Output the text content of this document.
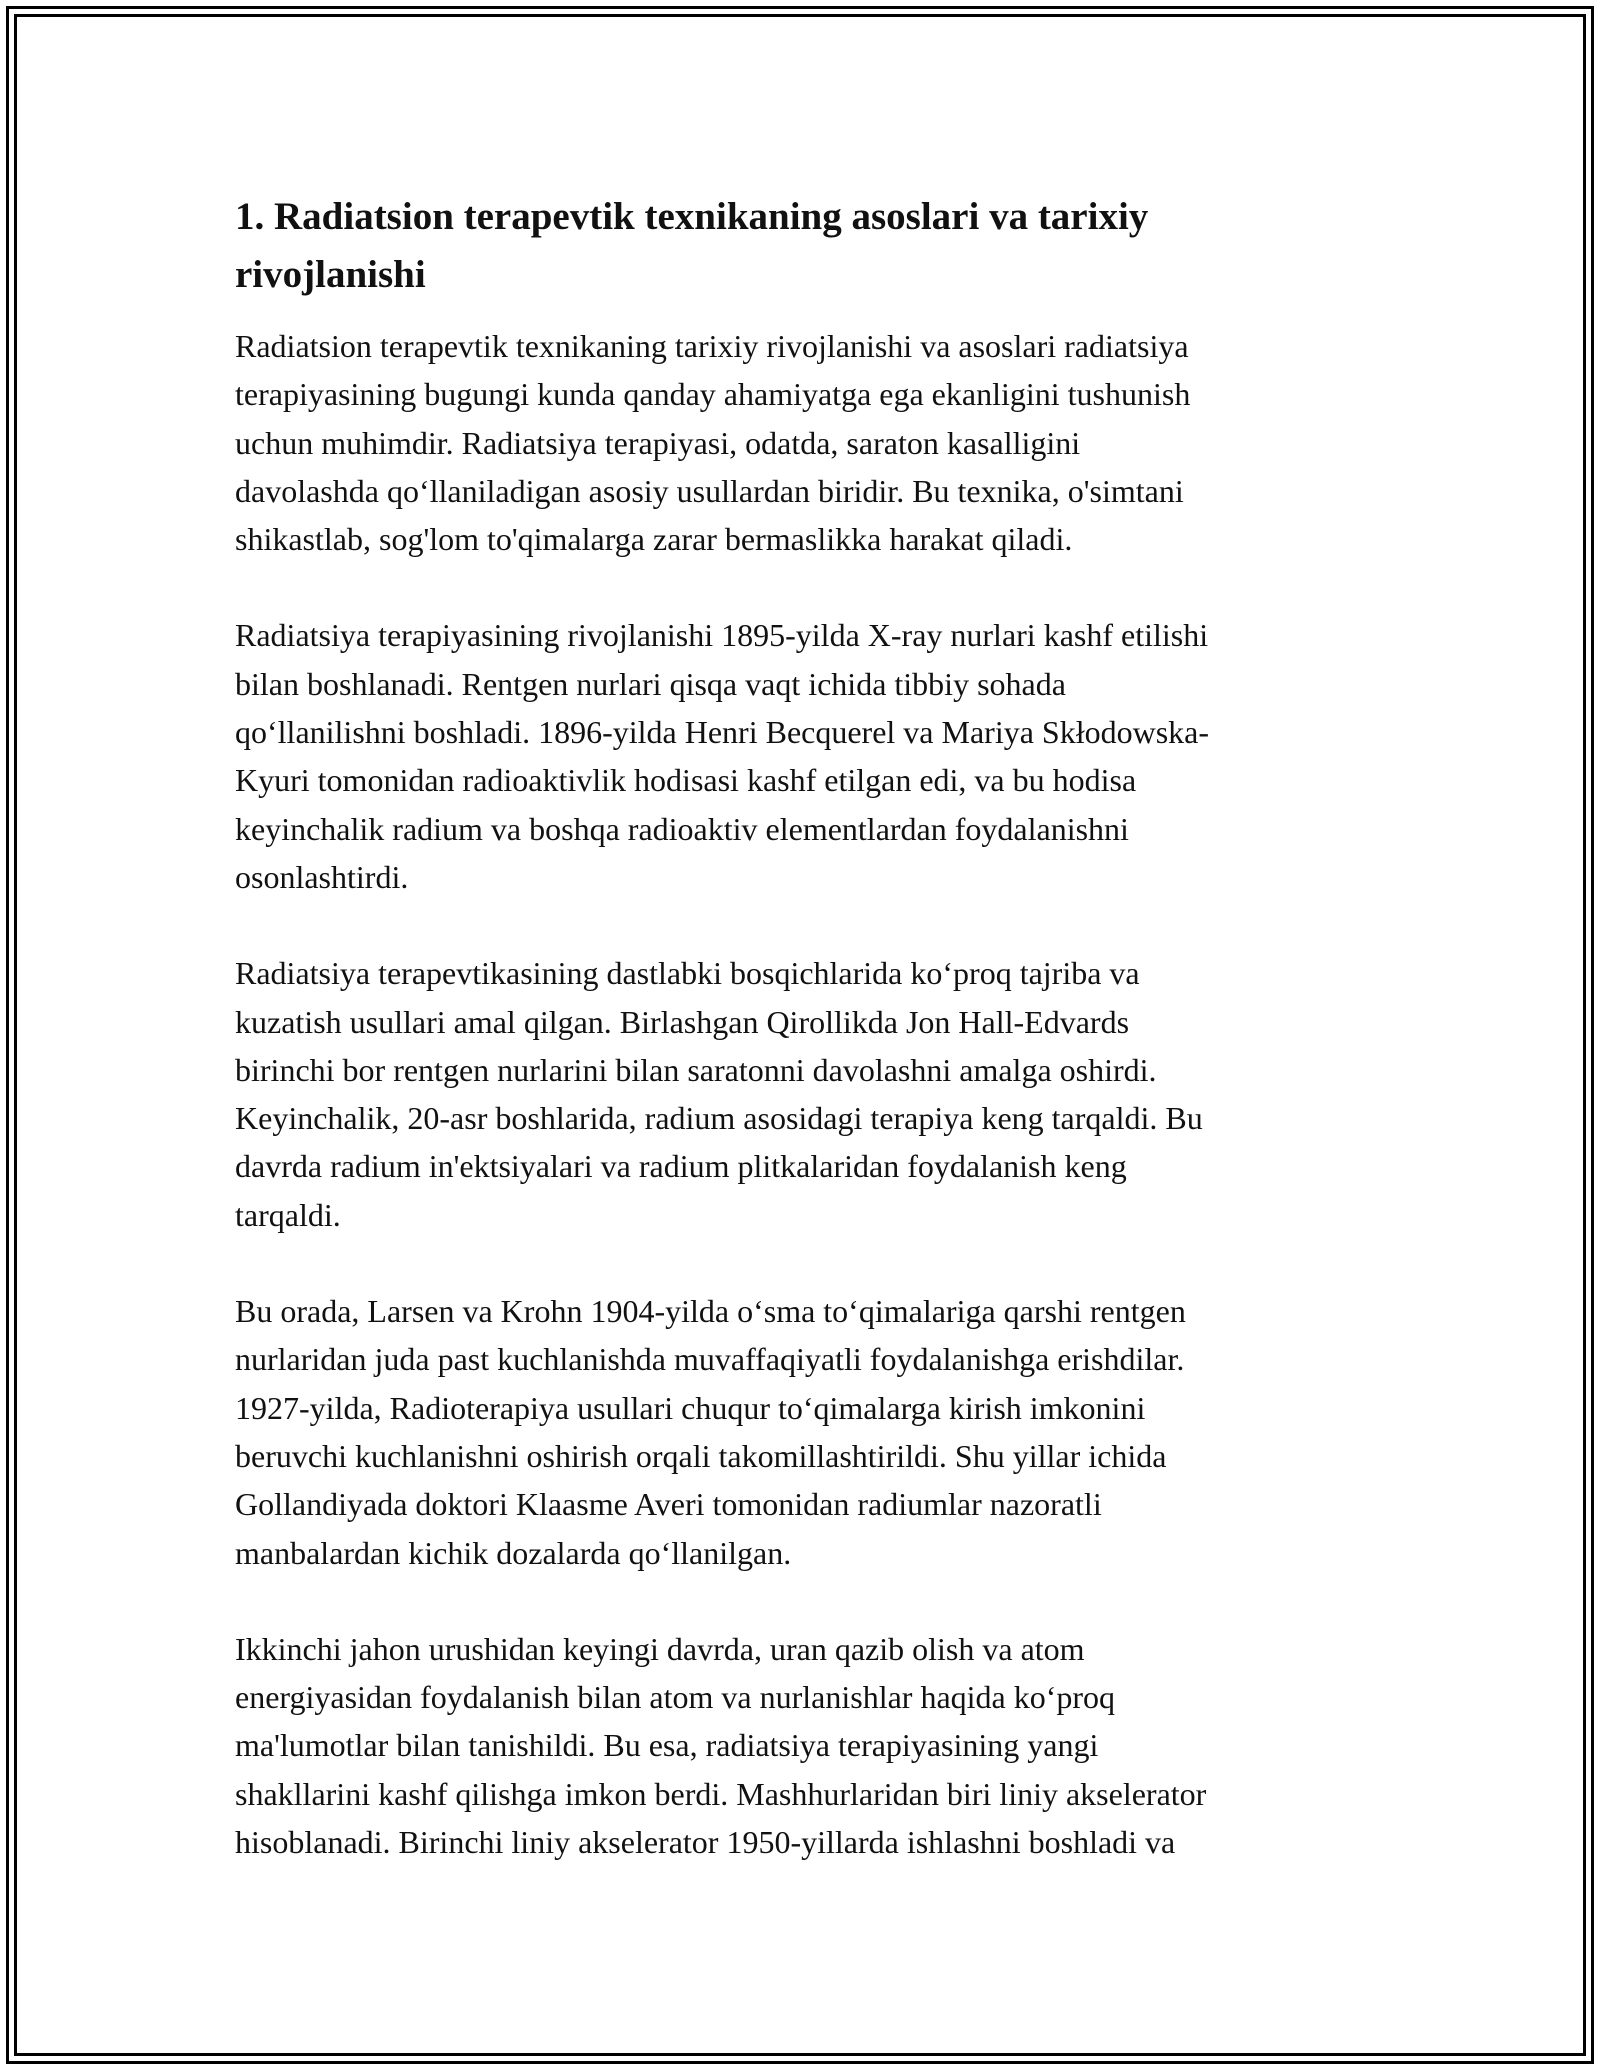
1. Radiatsion terapevtik texnikaning asoslari va tarixiy
rivojlanishi
Radiatsion terapevtik texnikaning tarixiy rivojlanishi va asoslari radiatsiya
terapiyasining bugungi kunda qanday ahamiyatga ega ekanligini tushunish
uchun muhimdir. Radiatsiya terapiyasi, odatda, saraton kasalligini
davolashda qo‘llaniladigan asosiy usullardan biridir. Bu texnika, o'simtani
shikastlab, sog'lom to'qimalarga zarar bermaslikka harakat qiladi.
Radiatsiya terapiyasining rivojlanishi 1895-yilda X-ray nurlari kashf etilishi
bilan boshlanadi. Rentgen nurlari qisqa vaqt ichida tibbiy sohada
qo‘llanilishni boshladi. 1896-yilda Henri Becquerel va Mariya Skłodowska-
Kyuri tomonidan radioaktivlik hodisasi kashf etilgan edi, va bu hodisa
keyinchalik radium va boshqa radioaktiv elementlardan foydalanishni
osonlashtirdi.
Radiatsiya terapevtikasining dastlabki bosqichlarida ko‘proq tajriba va
kuzatish usullari amal qilgan. Birlashgan Qirollikda Jon Hall-Edvards
birinchi bor rentgen nurlarini bilan saratonni davolashni amalga oshirdi.
Keyinchalik, 20-asr boshlarida, radium asosidagi terapiya keng tarqaldi. Bu
davrda radium in'ektsiyalari va radium plitkalaridan foydalanish keng
tarqaldi.
Bu orada, Larsen va Krohn 1904-yilda o‘sma to‘qimalariga qarshi rentgen
nurlaridan juda past kuchlanishda muvaffaqiyatli foydalanishga erishdilar.
1927-yilda, Radioterapiya usullari chuqur to‘qimalarga kirish imkonini
beruvchi kuchlanishni oshirish orqali takomillashtirildi. Shu yillar ichida
Gollandiyada doktori Klaasme Averi tomonidan radiumlar nazoratli
manbalardan kichik dozalarda qo‘llanilgan.
Ikkinchi jahon urushidan keyingi davrda, uran qazib olish va atom
energiyasidan foydalanish bilan atom va nurlanishlar haqida ko‘proq
ma'lumotlar bilan tanishildi. Bu esa, radiatsiya terapiyasining yangi
shakllarini kashf qilishga imkon berdi. Mashhurlaridan biri liniy akselerator
hisoblanadi. Birinchi liniy akselerator 1950-yillarda ishlashni boshladi va
